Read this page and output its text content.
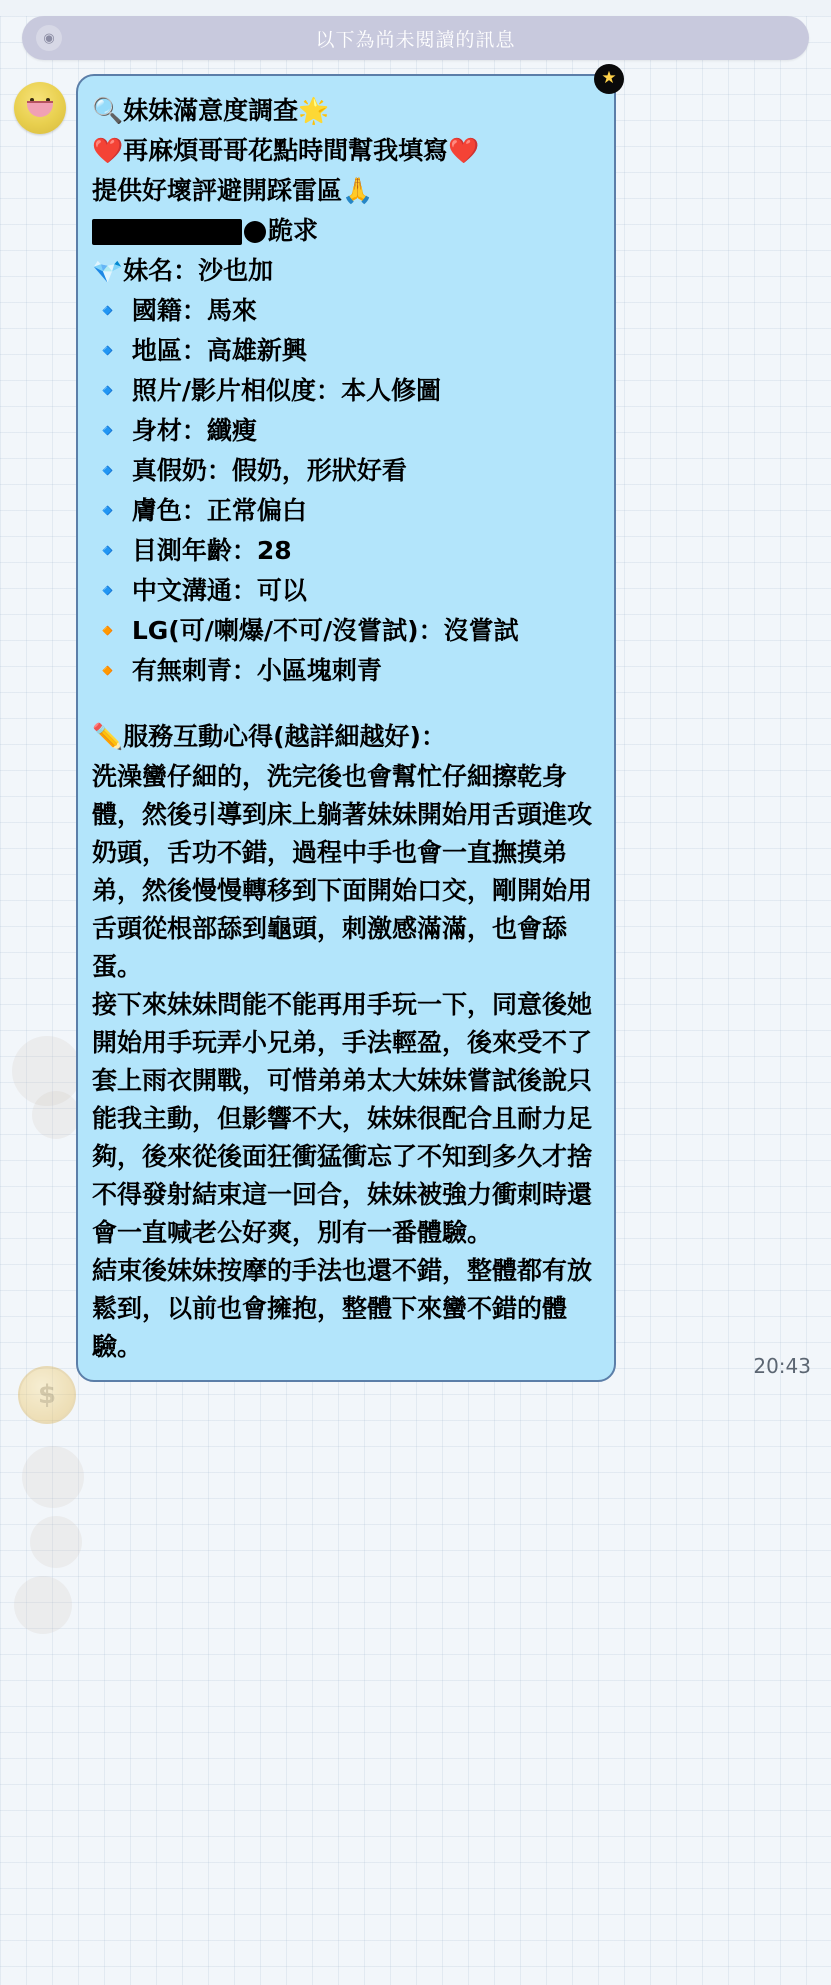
$
◉	以下為尚未閱讀的訊息
★
🔍妹妹滿意度調查🌟
❤️再麻煩哥哥花點時間幫我填寫❤️
提供好壞評避開踩雷區🙏
跪求
💎妹名：沙也加
🔹 國籍：馬來
🔹 地區：高雄新興
🔹 照片/影片相似度：本人修圖
🔹 身材：纖瘦
🔹 真假奶：假奶，形狀好看
🔹 膚色：正常偏白
🔹 目測年齡：28
🔹 中文溝通：可以
🔸 LG(可/喇爆/不可/沒嘗試)：沒嘗試
🔸 有無刺青：小區塊刺青
✏️服務互動心得(越詳細越好)：

洗澡蠻仔細的，洗完後也會幫忙仔細擦乾身體，然後引導到床上躺著妹妹開始用舌頭進攻奶頭，舌功不錯，過程中手也會一直撫摸弟弟，然後慢慢轉移到下面開始口交，剛開始用舌頭從根部舔到龜頭，刺激感滿滿，也會舔蛋。

接下來妹妹問能不能再用手玩一下，同意後她開始用手玩弄小兄弟，手法輕盈，後來受不了套上雨衣開戰，可惜弟弟太大妹妹嘗試後說只能我主動，但影響不大，妹妹很配合且耐力足夠，後來從後面狂衝猛衝忘了不知到多久才捨不得發射結束這一回合，妹妹被強力衝刺時還會一直喊老公好爽，別有一番體驗。

結束後妹妹按摩的手法也還不錯，整體都有放鬆到，以前也會擁抱，整體下來蠻不錯的體驗。

20:43
